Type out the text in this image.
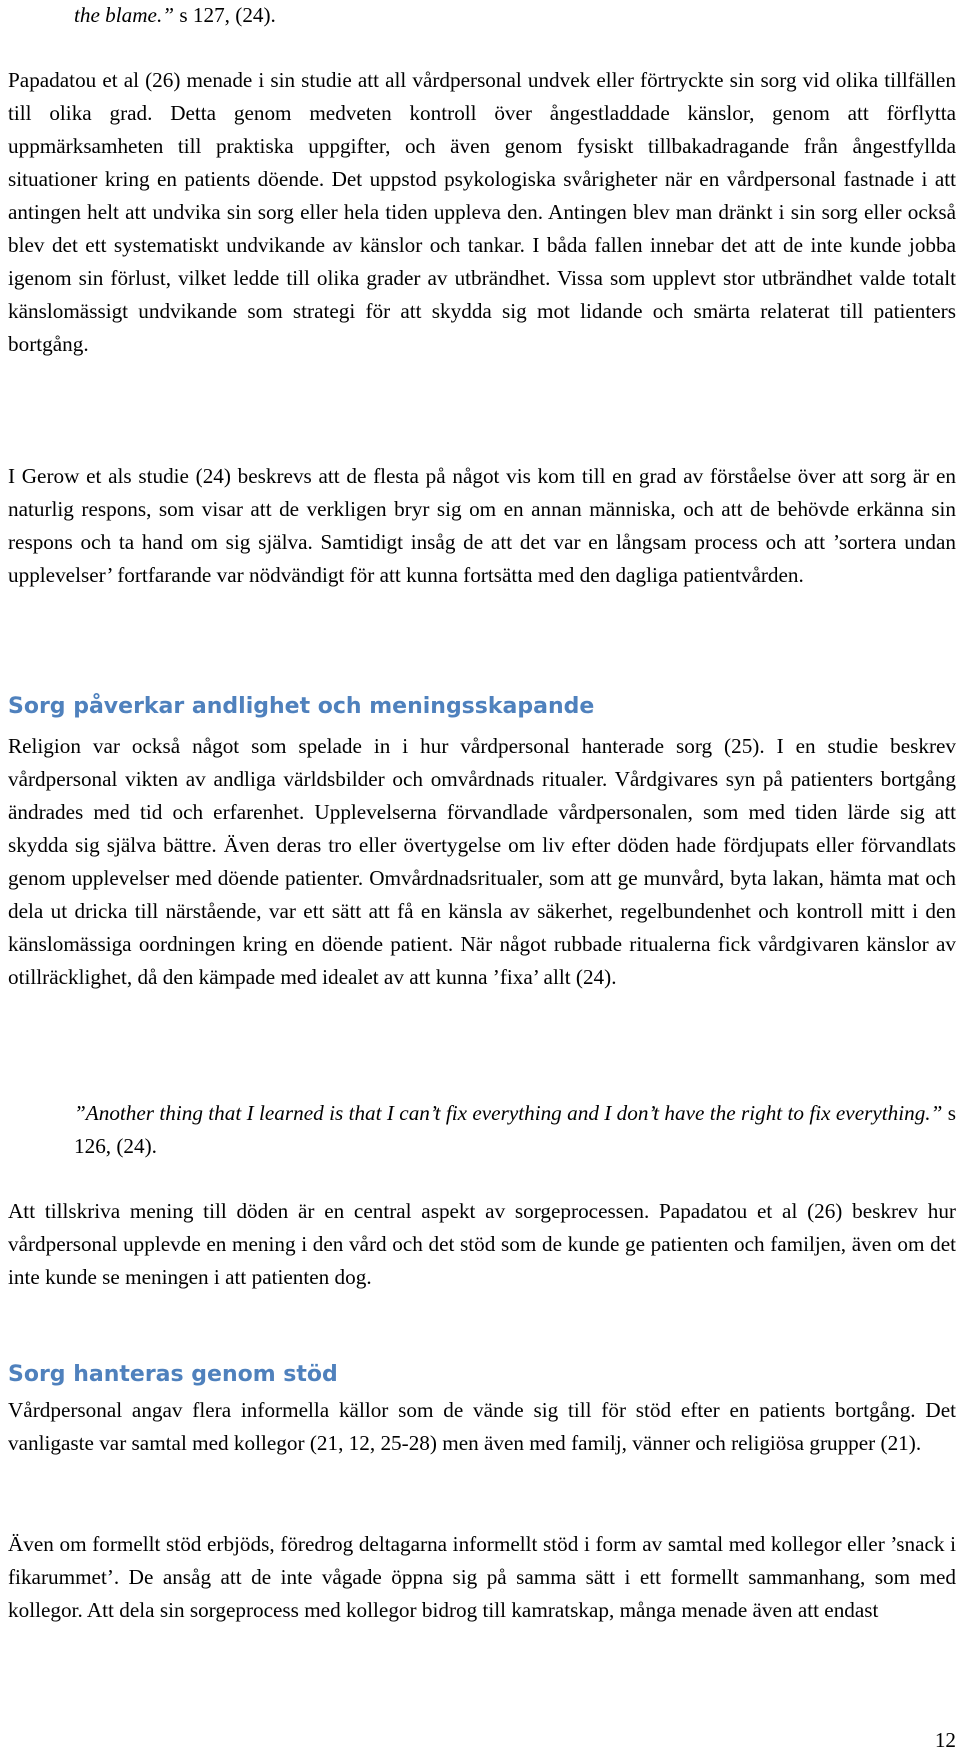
the blame.” s 127, (24).

Papadatou et al (26) menade i sin studie att all vårdpersonal undvek eller förtryckte sin sorg vid olika tillfällen till olika grad. Detta genom medveten kontroll över ångestladdade känslor, genom att förflytta uppmärksamheten till praktiska uppgifter, och även genom fysiskt tillbakadragande från ångestfyllda situationer kring en patients döende. Det uppstod psykologiska svårigheter när en vårdpersonal fastnade i att antingen helt att undvika sin sorg eller hela tiden uppleva den. Antingen blev man dränkt i sin sorg eller också blev det ett systematiskt undvikande av känslor och tankar. I båda fallen innebar det att de inte kunde jobba igenom sin förlust, vilket ledde till olika grader av utbrändhet. Vissa som upplevt stor utbrändhet valde totalt känslomässigt undvikande som strategi för att skydda sig mot lidande och smärta relaterat till patienters bortgång.

I Gerow et als studie (24) beskrevs att de flesta på något vis kom till en grad av förståelse över att sorg är en naturlig respons, som visar att de verkligen bryr sig om en annan människa, och att de behövde erkänna sin respons och ta hand om sig själva. Samtidigt insåg de att det var en långsam process och att ’sortera undan upplevelser’ fortfarande var nödvändigt för att kunna fortsätta med den dagliga patientvården.

Sorg påverkar andlighet och meningsskapande

Religion var också något som spelade in i hur vårdpersonal hanterade sorg (25). I en studie beskrev vårdpersonal vikten av andliga världsbilder och omvårdnads ritualer. Vårdgivares syn på patienters bortgång ändrades med tid och erfarenhet. Upplevelserna förvandlade vårdpersonalen, som med tiden lärde sig att skydda sig själva bättre. Även deras tro eller övertygelse om liv efter döden hade fördjupats eller förvandlats genom upplevelser med döende patienter. Omvårdnadsritualer, som att ge munvård, byta lakan, hämta mat och dela ut dricka till närstående, var ett sätt att få en känsla av säkerhet, regelbundenhet och kontroll mitt i den känslomässiga oordningen kring en döende patient. När något rubbade ritualerna fick vårdgivaren känslor av otillräcklighet, då den kämpade med idealet av att kunna ’fixa’ allt (24).

”Another thing that I learned is that I can’t fix everything and I don’t have the right to fix everything.” s 126, (24).

Att tillskriva mening till döden är en central aspekt av sorgeprocessen. Papadatou et al (26) beskrev hur vårdpersonal upplevde en mening i den vård och det stöd som de kunde ge patienten och familjen, även om det inte kunde se meningen i att patienten dog.

Sorg hanteras genom stöd

Vårdpersonal angav flera informella källor som de vände sig till för stöd efter en patients bortgång. Det vanligaste var samtal med kollegor (21, 12, 25-28) men även med familj, vänner och religiösa grupper (21).

Även om formellt stöd erbjöds, föredrog deltagarna informellt stöd i form av samtal med kollegor eller ’snack i fikarummet’. De ansåg att de inte vågade öppna sig på samma sätt i ett formellt sammanhang, som med kollegor. Att dela sin sorgeprocess med kollegor bidrog till kamratskap, många menade även att endast

12
